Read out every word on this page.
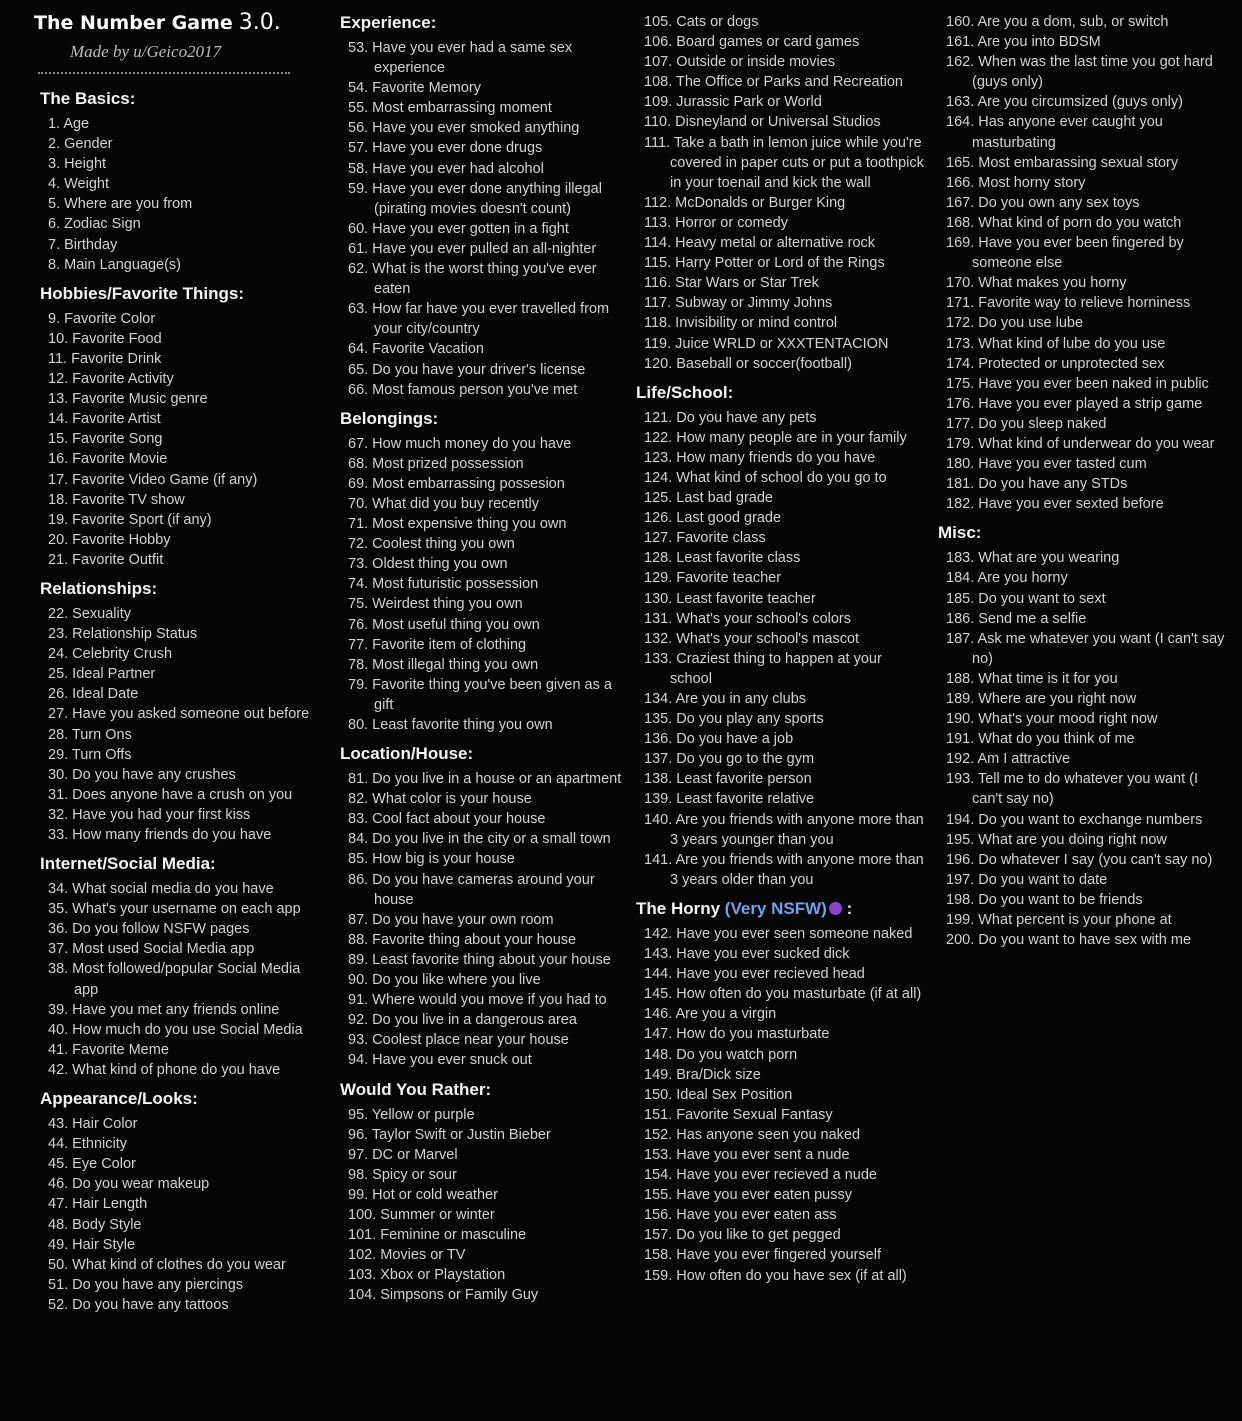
The Number Game 3.0.
Made by u/Geico2017
The Basics:
1. Age
2. Gender
3. Height
4. Weight
5. Where are you from
6. Zodiac Sign
7. Birthday
8. Main Language(s)
Hobbies/Favorite Things:
9. Favorite Color
10. Favorite Food
11. Favorite Drink
12. Favorite Activity
13. Favorite Music genre
14. Favorite Artist
15. Favorite Song
16. Favorite Movie
17. Favorite Video Game (if any)
18. Favorite TV show
19. Favorite Sport (if any)
20. Favorite Hobby
21. Favorite Outfit
Relationships:
22. Sexuality
23. Relationship Status
24. Celebrity Crush
25. Ideal Partner
26. Ideal Date
27. Have you asked someone out before
28. Turn Ons
29. Turn Offs
30. Do you have any crushes
31. Does anyone have a crush on you
32. Have you had your first kiss
33. How many friends do you have
Internet/Social Media:
34. What social media do you have
35. What's your username on each app
36. Do you follow NSFW pages
37. Most used Social Media app
38. Most followed/popular Social Media app
39. Have you met any friends online
40. How much do you use Social Media
41. Favorite Meme
42. What kind of phone do you have
Appearance/Looks:
43. Hair Color
44. Ethnicity
45. Eye Color
46. Do you wear makeup
47. Hair Length
48. Body Style
49. Hair Style
50. What kind of clothes do you wear
51. Do you have any piercings
52. Do you have any tattoos
Experience:
53. Have you ever had a same sex experience
54. Favorite Memory
55. Most embarrassing moment
56. Have you ever smoked anything
57. Have you ever done drugs
58. Have you ever had alcohol
59. Have you ever done anything illegal (pirating movies doesn't count)
60. Have you ever gotten in a fight
61. Have you ever pulled an all-nighter
62. What is the worst thing you've ever eaten
63. How far have you ever travelled from your city/country
64. Favorite Vacation
65. Do you have your driver's license
66. Most famous person you've met
Belongings:
67. How much money do you have
68. Most prized possession
69. Most embarrassing possesion
70. What did you buy recently
71. Most expensive thing you own
72. Coolest thing you own
73. Oldest thing you own
74. Most futuristic possession
75. Weirdest thing you own
76. Most useful thing you own
77. Favorite item of clothing
78. Most illegal thing you own
79. Favorite thing you've been given as a gift
80. Least favorite thing you own
Location/House:
81. Do you live in a house or an apartment
82. What color is your house
83. Cool fact about your house
84. Do you live in the city or a small town
85. How big is your house
86. Do you have cameras around your house
87. Do you have your own room
88. Favorite thing about your house
89. Least favorite thing about your house
90. Do you like where you live
91. Where would you move if you had to
92. Do you live in a dangerous area
93. Coolest place near your house
94. Have you ever snuck out
Would You Rather:
95. Yellow or purple
96. Taylor Swift or Justin Bieber
97. DC or Marvel
98. Spicy or sour
99. Hot or cold weather
100. Summer or winter
101. Feminine or masculine
102. Movies or TV
103. Xbox or Playstation
104. Simpsons or Family Guy
105. Cats or dogs
106. Board games or card games
107. Outside or inside movies
108. The Office or Parks and Recreation
109. Jurassic Park or World
110. Disneyland or Universal Studios
111. Take a bath in lemon juice while you're covered in paper cuts or put a toothpick in your toenail and kick the wall
112. McDonalds or Burger King
113. Horror or comedy
114. Heavy metal or alternative rock
115. Harry Potter or Lord of the Rings
116. Star Wars or Star Trek
117. Subway or Jimmy Johns
118. Invisibility or mind control
119. Juice WRLD or XXXTENTACION
120. Baseball or soccer(football)
Life/School:
121. Do you have any pets
122. How many people are in your family
123. How many friends do you have
124. What kind of school do you go to
125. Last bad grade
126. Last good grade
127. Favorite class
128. Least favorite class
129. Favorite teacher
130. Least favorite teacher
131. What's your school's colors
132. What's your school's mascot
133. Craziest thing to happen at your school
134. Are you in any clubs
135. Do you play any sports
136. Do you have a job
137. Do you go to the gym
138. Least favorite person
139. Least favorite relative
140. Are you friends with anyone more than 3 years younger than you
141. Are you friends with anyone more than 3 years older than you
The Horny (Very NSFW) :
142. Have you ever seen someone naked
143. Have you ever sucked dick
144. Have you ever recieved head
145. How often do you masturbate (if at all)
146. Are you a virgin
147. How do you masturbate
148. Do you watch porn
149. Bra/Dick size
150. Ideal Sex Position
151. Favorite Sexual Fantasy
152. Has anyone seen you naked
153. Have you ever sent a nude
154. Have you ever recieved a nude
155. Have you ever eaten pussy
156. Have you ever eaten ass
157. Do you like to get pegged
158. Have you ever fingered yourself
159. How often do you have sex (if at all)
160. Are you a dom, sub, or switch
161. Are you into BDSM
162. When was the last time you got hard (guys only)
163. Are you circumsized (guys only)
164. Has anyone ever caught you masturbating
165. Most embarassing sexual story
166. Most horny story
167. Do you own any sex toys
168. What kind of porn do you watch
169. Have you ever been fingered by someone else
170. What makes you horny
171. Favorite way to relieve horniness
172. Do you use lube
173. What kind of lube do you use
174. Protected or unprotected sex
175. Have you ever been naked in public
176. Have you ever played a strip game
177. Do you sleep naked
179. What kind of underwear do you wear
180. Have you ever tasted cum
181. Do you have any STDs
182. Have you ever sexted before
Misc:
183. What are you wearing
184. Are you horny
185. Do you want to sext
186. Send me a selfie
187. Ask me whatever you want (I can't say no)
188. What time is it for you
189. Where are you right now
190. What's your mood right now
191. What do you think of me
192. Am I attractive
193. Tell me to do whatever you want (I can't say no)
194. Do you want to exchange numbers
195. What are you doing right now
196. Do whatever I say (you can't say no)
197. Do you want to date
198. Do you want to be friends
199. What percent is your phone at
200. Do you want to have sex with me
